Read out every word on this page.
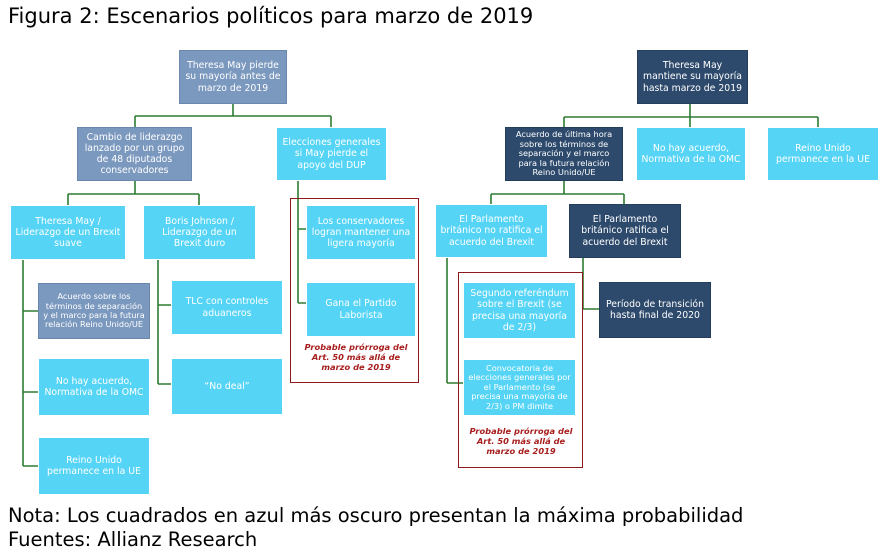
Figura 2: Escenarios políticos para marzo de 2019
Theresa May pierde su mayoría antes de marzo de 2019
Theresa May mantiene su mayoría hasta marzo de 2019
Cambio de liderazgo lanzado por un grupo de 48 diputados conservadores
Elecciones generales si May pierde el apoyo del DUP
Theresa May / Liderazgo de un Brexit suave
Boris Johnson / Liderazgo de un Brexit duro
Acuerdo sobre los términos de separación y el marco para la futura relación Reino Unido/UE
No hay acuerdo, Normativa de la OMC
Reino Unido permanece en la UE
TLC con controles aduaneros
“No deal”
Los conservadores logran mantener una ligera mayoría
Gana el Partido Laborista
Probable prórroga del Art. 50 más allá de marzo de 2019
Acuerdo de última hora sobre los términos de separación y el marco para la futura relación Reino Unido/UE
No hay acuerdo, Normativa de la OMC
Reino Unido permanece en la UE
El Parlamento británico no ratifica el acuerdo del Brexit
El Parlamento británico ratifica el acuerdo del Brexit
Segundo referéndum sobre el Brexit (se precisa una mayoría de 2/3)
Convocatoria de elecciones generales por el Parlamento (se precisa una mayoría de 2/3) o PM dimite
Probable prórroga del Art. 50 más allá de marzo de 2019
Período de transición hasta final de 2020
Nota: Los cuadrados en azul más oscuro presentan la máxima probabilidad
Fuentes: Allianz Research
